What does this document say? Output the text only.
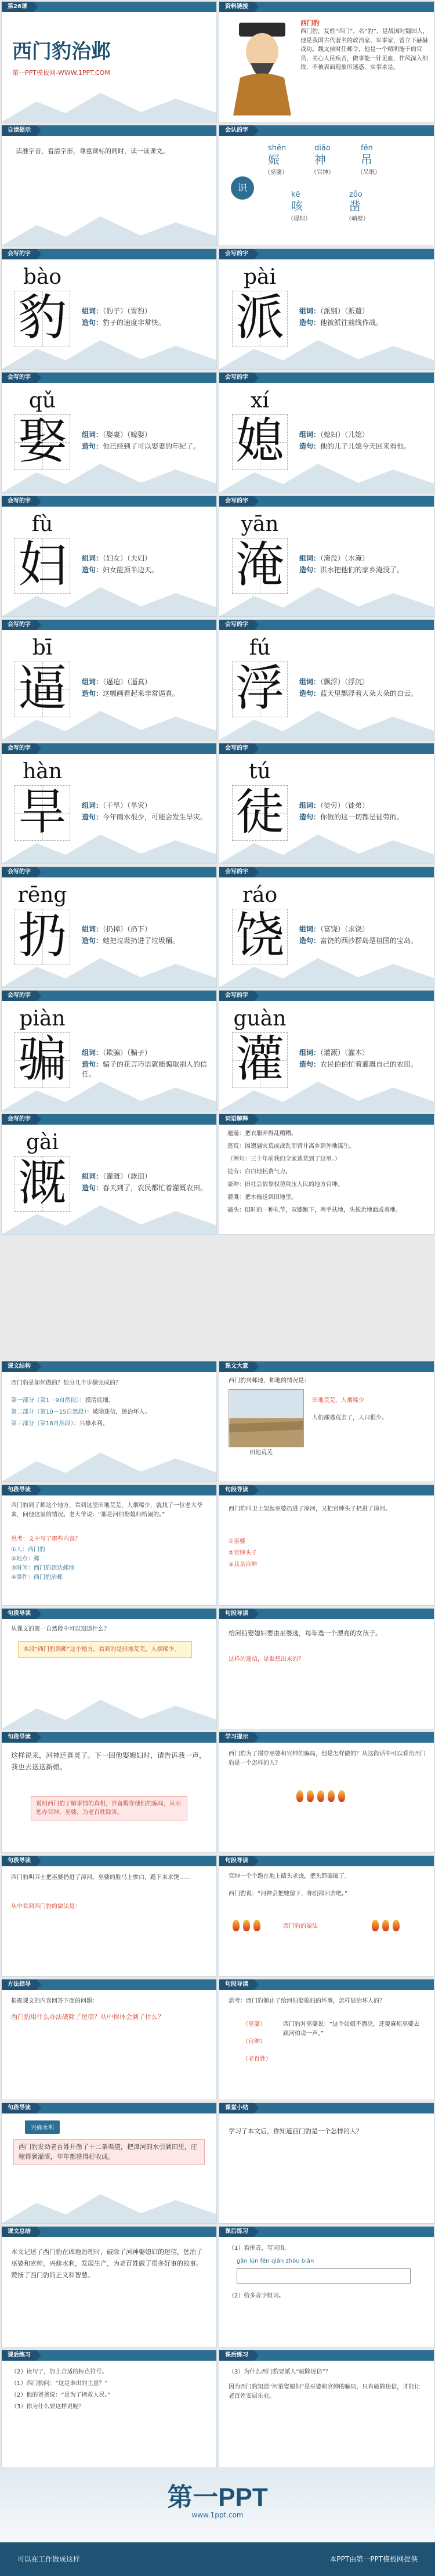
第26课
西门豹治邺
第一PPT模板网-WWW.1PPT.COM
资料链接
西门豹
西门豹，复姓“西门”，名“豹”，是战国时魏国人，他是我国古代著名的政治家、军事家，曾立下赫赫战功。魏文侯时任邺令，他是一个精明能干的官员，关心人民疾苦，做事能一针见血，作风深入细致，不被表面现象所迷惑，实事求是。
自读提示
读准字音，看清字形，尊重课标的同时，读一读课文。
会认的字
识
shēn
娠
dião
神
fēn
吊
（巫婆）	（官绅）	（吊纸）
kē
咳
zǒo
凿
（堤坝）	（峭壁）
会写的字
bào
豹	组词：（豹子）（雪豹）
造句：豹子的速度非常快。
会写的字
pài
派	组词：（派别）（派遣）
造句：他被派往前线作战。
会写的字
qǔ
娶	组词：（娶妻）（嫁娶）
造句：他已经到了可以娶妻的年纪了。
会写的字
xí
媳	组词：（媳妇）（儿媳）
造句：他的儿子儿媳今天回来看他。
会写的字
fù
妇	组词：（妇女）（夫妇）
造句：妇女能顶半边天。
会写的字
yān
淹	组词：（淹没）（水淹）
造句：洪水把他们的家乡淹没了。
会写的字
bī
逼	组词：（逼迫）（逼真）
造句：这幅画看起来非常逼真。
会写的字
fú
浮	组词：（飘浮）（浮沉）
造句：蓝天里飘浮着大朵大朵的白云。
会写的字
hàn
旱	组词：（干旱）（旱灾）
造句：今年雨水很少，可能会发生旱灾。
会写的字
tú
徒	组词：（徒劳）（徒弟）
造句：你做的这一切都是徒劳的。
会写的字
rēng
扔	组词：（扔掉）（扔下）
造句：她把垃圾扔进了垃圾桶。
会写的字
ráo
饶	组词：（富饶）（求饶）
造句：富饶的西沙群岛是祖国的宝岛。
会写的字
piàn
骗	组词：（欺骗）（骗子）
造句：骗子的花言巧语就能骗取别人的信任。
会写的字
guàn
灌	组词：（灌溉）（灌木）
造句：农民伯伯忙着灌溉自己的农田。
会写的字
gài
溉	组词：（灌溉）（溉田）
造句：春天到了，农民都忙着灌溉农田。
词语解释
邋遢：把衣服弄得乱糟糟。
逃荒：因遭遇灾荒或战乱而背井离乡到外地谋生。
（例句：三十年前我们全家逃荒到了这里。）
徒劳：白白地耗费气力。
豪绅：旧社会依靠权势欺压人民的地方官绅。
灌溉：把水输送到田地里。
磕头：旧时的一种礼节，双膝跪下，两手扶地，头挨近地面或着地。
课文结构
西门豹是如何做的？他分几个步骤完成的？
第一部分（第1－9自然段）：摸清底细。
第二部分（第10－15自然段）：破除迷信，惩治坏人。
第三部分（第16自然段）：兴修水利。
课文大意
西门豹到邺地，邺地的情况是：
田地荒芜
田地荒芜，人烟稀少
人们都逃荒去了，人口很少。
句段导读
西门豹到了邺这个地方，看到这里田地荒芜，人烟稀少，就找了一位老大爷来，问他这里的情况。老大爷说：“都是河伯娶媳妇给闹的。”
思考：文中写了哪些内容？
①人：西门豹
②地点：邺
③时间：西门豹到达邺地
④事件：西门豹治邺
句段导读
西门豹叫卫士架起巫婆扔进了漳河，又把官绅头子扔进了漳河。
①巫婆
②官绅头子
③其余官绅
句段导读
从课文的第一自然段中可以知道什么？
本段“西门豹到邺”这个地方，看到的是田地荒芜，人烟稀少。
句段导读
给河伯娶媳妇要由巫婆选，每年选一个漂亮的女孩子。
这样的迷信，是谁想出来的？
句段导读
这样说来，河神还真灵了。下一回他娶媳妇时，请告诉我一声，我也去送送新娘。
说明西门豹了解事情的真相，准备揭穿他们的骗局，从而惩办官绅、巫婆，为老百姓除害。
学习提示
西门豹为了揭穿巫婆和官绅的骗局，他是怎样做的？从这段话中可以看出西门豹是一个怎样的人？
句段导读
西门豹叫卫士把巫婆扔进了漳河。巫婆的脸马上惨白，跪下来求饶……
从中看到西门豹的做法是：
句段导读
官绅一个个跪在地上磕头求饶，把头都磕破了。
西门豹说：“河神会把她留下，你们都回去吧。”
西门豹的做法
方法指导
根据课文的内容回答下面的问题：
西门豹用什么办法破除了迷信？从中你体会到了什么？
句段导读
思考：西门豹制止了给河伯娶媳妇的坏事，怎样惩治坏人的？
（巫婆）
（官绅）
（老百姓）
西门豹对巫婆说：“这个姑娘不漂亮，还要麻烦巫婆去跟河伯说一声。”
句段导读
兴修水利
西门豹发动老百姓开凿了十二条渠道，把漳河的水引到田里，庄稼得到灌溉，年年都获得好收成。
课堂小结
学习了本文后，你知道西门豹是一个怎样的人？
课文总结
本文记述了西门豹在邺地治理时，破除了河神娶媳妇的迷信，惩治了巫婆和官绅，兴修水利，发展生产，为老百姓做了很多好事的故事。赞扬了西门豹的正义和智慧。
课后练习
（1）看拼音，写词语。
gǎn lún fēn qiān zhòu biàn
（2）给多音字组词。
课后练习
（2）读句子，加上合适的标点符号。
（1）西门豹问：“这是谁出的主意？”
（2）他的爸爸说：“是为了拯救人民。”
（3）你为什么要这样说呢？
课后练习
（3）为什么西门豹要派人“破除迷信”？
因为西门豹知道“河伯娶媳妇”是巫婆和官绅的骗局，只有破除迷信，才能让老百姓安居乐业。
第一PPT
www.1ppt.com
可以在工作做成这样	本PPT由第一PPT模板网提供
